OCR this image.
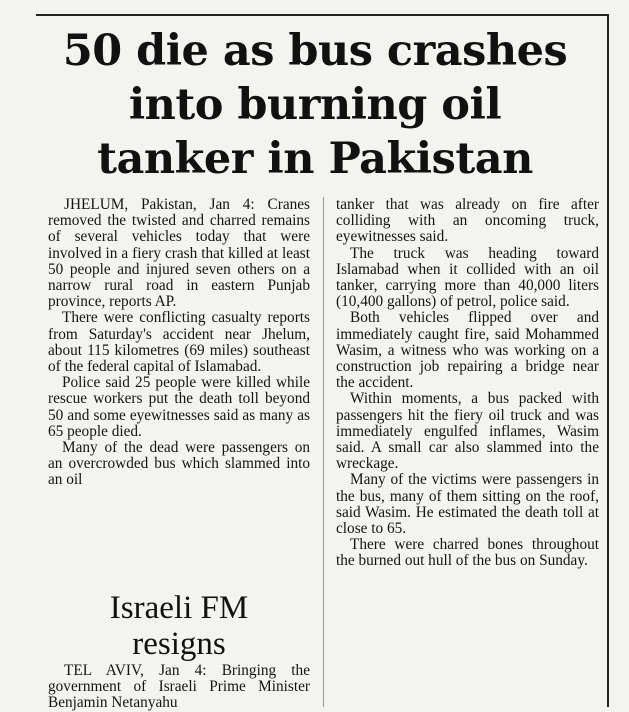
50 die as bus crashes
into burning oil
tanker in Pakistan

JHELUM, Pakistan, Jan 4: Cranes removed the twisted and charred remains of several vehicles today that were involved in a fiery crash that killed at least 50 people and injured seven others on a narrow rural road in eastern Punjab province, reports AP.

There were conflicting casualty reports from Saturday's accident near Jhelum, about 115 kilometres (69 miles) southeast of the federal capital of Islamabad.

Police said 25 people were killed while rescue workers put the death toll beyond 50 and some eyewitnesses said as many as 65 people died.

Many of the dead were passengers on an overcrowded bus which slammed into an oil

tanker that was already on fire after colliding with an oncoming truck, eyewitnesses said.

The truck was heading toward Islamabad when it collided with an oil tanker, carrying more than 40,000 liters (10,400 gallons) of petrol, police said.

Both vehicles flipped over and immediately caught fire, said Mohammed Wasim, a witness who was working on a construction job repairing a bridge near the accident.

Within moments, a bus packed with passengers hit the fiery oil truck and was immediately engulfed inflames, Wasim said. A small car also slammed into the wreckage.

Many of the victims were passengers in the bus, many of them sitting on the roof, said Wasim. He estimated the death toll at close to 65.

There were charred bones throughout the burned out hull of the bus on Sunday.

Israeli FM
resigns

TEL AVIV, Jan 4: Bringing the government of Israeli Prime Minister Benjamin Netanyahu
